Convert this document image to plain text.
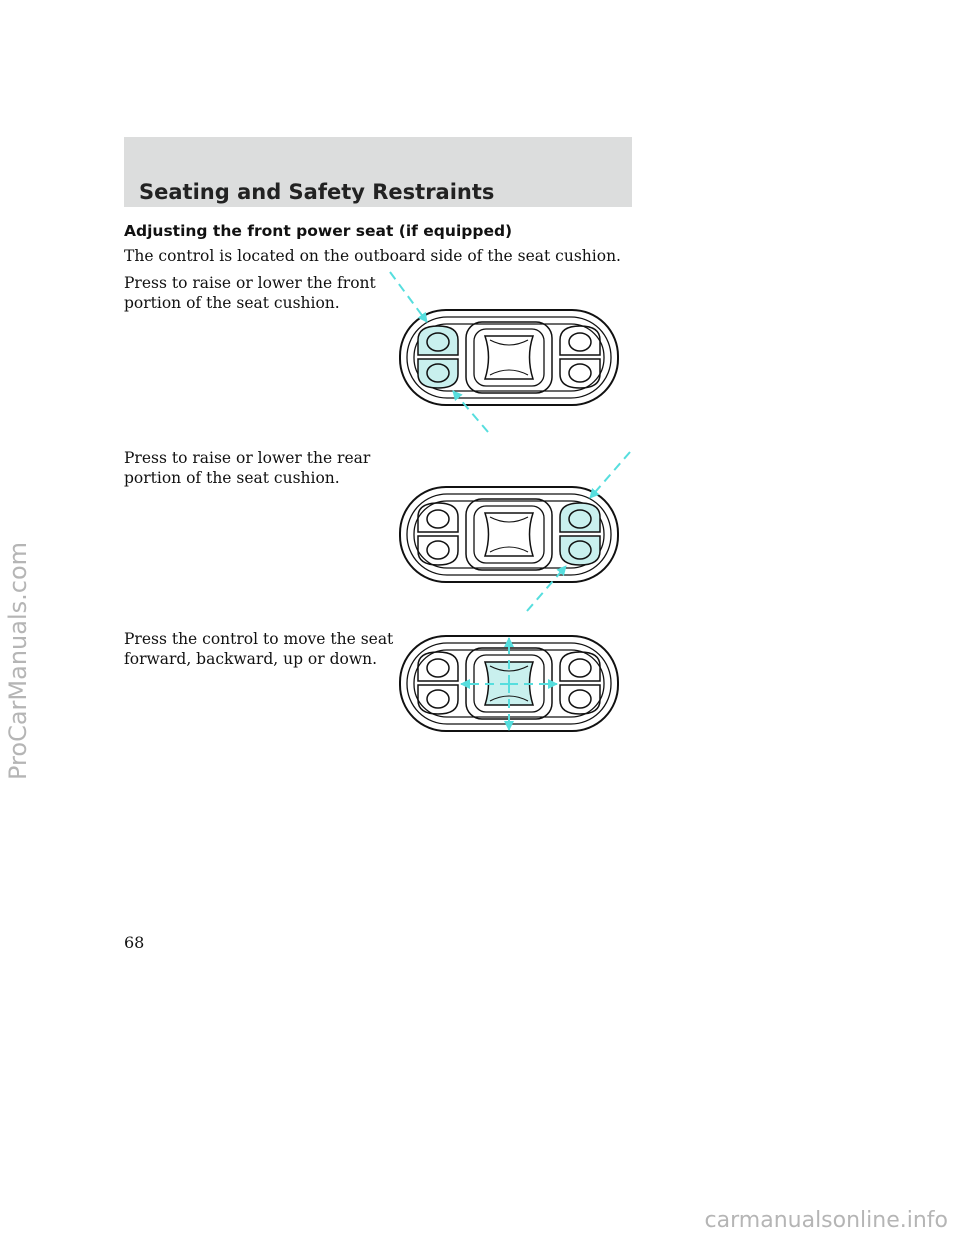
Seating and Safety Restraints
Adjusting the front power seat (if equipped)
The control is located on the outboard side of the seat cushion.
Press to raise or lower the front
portion of the seat cushion.
Press to raise or lower the rear
portion of the seat cushion.
Press the control to move the seat
forward, backward, up or down.
68
ProCarManuals.com
carmanualsonline.info
